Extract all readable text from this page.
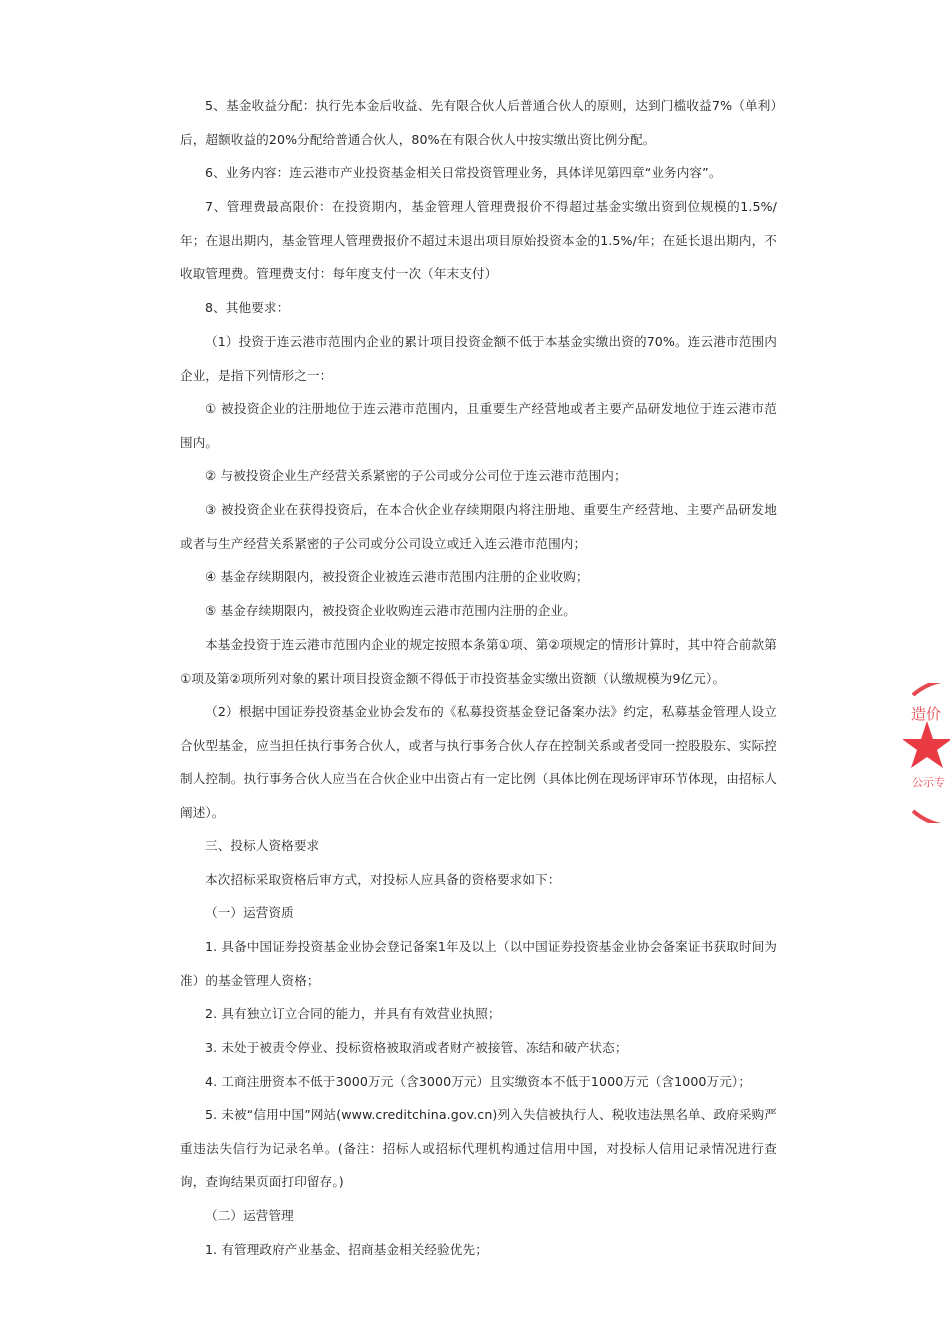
5、基金收益分配：执行先本金后收益、先有限合伙人后普通合伙人的原则，达到门槛收益7%（单利）后，超额收益的20%分配给普通合伙人，80%在有限合伙人中按实缴出资比例分配。

6、业务内容：连云港市产业投资基金相关日常投资管理业务，具体详见第四章“业务内容”。

7、管理费最高限价：在投资期内，基金管理人管理费报价不得超过基金实缴出资到位规模的1.5%/年；在退出期内，基金管理人管理费报价不超过未退出项目原始投资本金的1.5%/年；在延长退出期内，不收取管理费。管理费支付：每年度支付一次（年末支付）

8、其他要求：

（1）投资于连云港市范围内企业的累计项目投资金额不低于本基金实缴出资的70%。连云港市范围内企业，是指下列情形之一：

① 被投资企业的注册地位于连云港市范围内，且重要生产经营地或者主要产品研发地位于连云港市范围内。

② 与被投资企业生产经营关系紧密的子公司或分公司位于连云港市范围内；

③ 被投资企业在获得投资后，在本合伙企业存续期限内将注册地、重要生产经营地、主要产品研发地或者与生产经营关系紧密的子公司或分公司设立或迁入连云港市范围内；

④ 基金存续期限内，被投资企业被连云港市范围内注册的企业收购；

⑤ 基金存续期限内，被投资企业收购连云港市范围内注册的企业。

本基金投资于连云港市范围内企业的规定按照本条第①项、第②项规定的情形计算时，其中符合前款第①项及第②项所列对象的累计项目投资金额不得低于市投资基金实缴出资额（认缴规模为9亿元）。

（2）根据中国证券投资基金业协会发布的《私募投资基金登记备案办法》约定，私募基金管理人设立合伙型基金，应当担任执行事务合伙人，或者与执行事务合伙人存在控制关系或者受同一控股股东、实际控制人控制。执行事务合伙人应当在合伙企业中出资占有一定比例（具体比例在现场评审环节体现，由招标人阐述）。

三、投标人资格要求

本次招标采取资格后审方式，对投标人应具备的资格要求如下：

（一）运营资质

1. 具备中国证券投资基金业协会登记备案1年及以上（以中国证券投资基金业协会备案证书获取时间为准）的基金管理人资格；

2. 具有独立订立合同的能力，并具有有效营业执照；

3. 未处于被责令停业、投标资格被取消或者财产被接管、冻结和破产状态；

4. 工商注册资本不低于3000万元（含3000万元）且实缴资本不低于1000万元（含1000万元）；

5. 未被“信用中国”网站(www.creditchina.gov.cn)列入失信被执行人、税收违法黑名单、政府采购严重违法失信行为记录名单。(备注：招标人或招标代理机构通过信用中国，对投标人信用记录情况进行查询，查询结果页面打印留存。)

（二）运营管理

1. 有管理政府产业基金、招商基金相关经验优先；

造价
公示专
